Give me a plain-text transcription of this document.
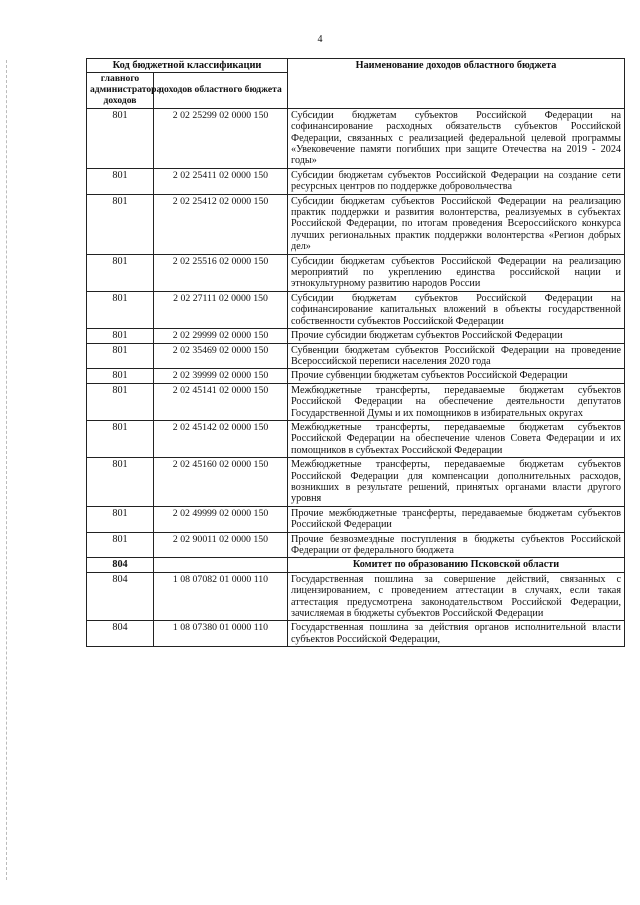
4
Код бюджетной классификации		Наименование доходов областного бюджета
главного администратора доходов	доходов областного бюджета	
801	2 02 25299 02 0000 150	Субсидии бюджетам субъектов Российской Федерации на софинансирование расходных обязательств субъектов Российской Федерации, связанных с реализацией федеральной целевой программы «Увековечение памяти погибших при защите Отечества на 2019 - 2024 годы»
801	2 02 25411 02 0000 150	Субсидии бюджетам субъектов Российской Федерации на создание сети ресурсных центров по поддержке добровольчества
801	2 02 25412 02 0000 150	Субсидии бюджетам субъектов Российской Федерации на реализацию практик поддержки и развития волонтерства, реализуемых в субъектах Российской Федерации, по итогам проведения Всероссийского конкурса лучших региональных практик поддержки волонтерства «Регион добрых дел»
801	2 02 25516 02 0000 150	Субсидии бюджетам субъектов Российской Федерации на реализацию мероприятий по укреплению единства российской нации и этнокультурному развитию народов России
801	2 02 27111 02 0000 150	Субсидии бюджетам субъектов Российской Федерации на софинансирование капитальных вложений в объекты государственной собственности субъектов Российской Федерации
801	2 02 29999 02 0000 150	Прочие субсидии бюджетам субъектов Российской Федерации
801	2 02 35469 02 0000 150	Субвенции бюджетам субъектов Российской Федерации на проведение Всероссийской переписи населения 2020 года
801	2 02 39999 02 0000 150	Прочие субвенции бюджетам субъектов Российской Федерации
801	2 02 45141 02 0000 150	Межбюджетные трансферты, передаваемые бюджетам субъектов Российской Федерации на обеспечение деятельности депутатов Государственной Думы и их помощников в избирательных округах
801	2 02 45142 02 0000 150	Межбюджетные трансферты, передаваемые бюджетам субъектов Российской Федерации на обеспечение членов Совета Федерации и их помощников в субъектах Российской Федерации
801	2 02 45160 02 0000 150	Межбюджетные трансферты, передаваемые бюджетам субъектов Российской Федерации для компенсации дополнительных расходов, возникших в результате решений, принятых органами власти другого уровня
801	2 02 49999 02 0000 150	Прочие межбюджетные трансферты, передаваемые бюджетам субъектов Российской Федерации
801	2 02 90011 02 0000 150	Прочие безвозмездные поступления в бюджеты субъектов Российской Федерации от федерального бюджета
804		Комитет по образованию Псковской области
804	1 08 07082 01 0000 110	Государственная пошлина за совершение действий, связанных с лицензированием, с проведением аттестации в случаях, если такая аттестация предусмотрена законодательством Российской Федерации, зачисляемая в бюджеты субъектов Российской Федерации
804	1 08 07380 01 0000 110	Государственная пошлина за действия органов исполнительной власти субъектов Российской Федерации,
